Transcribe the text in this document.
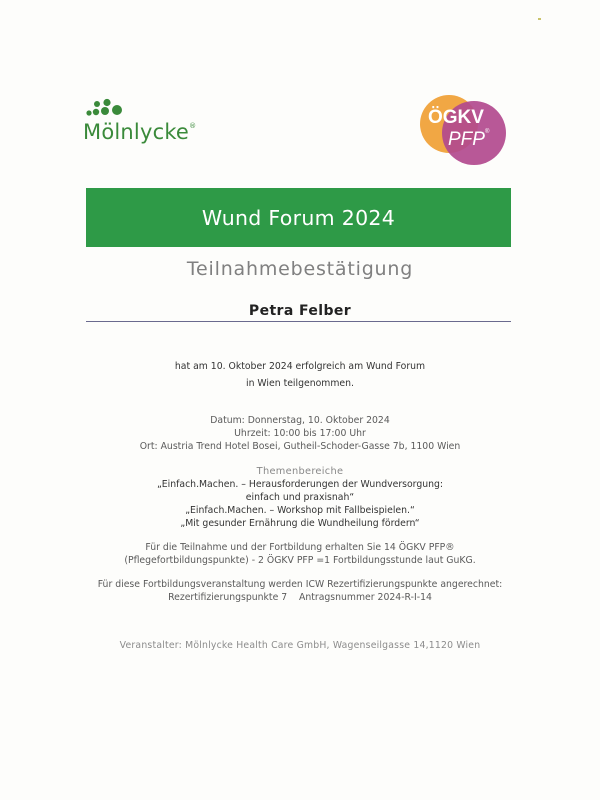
Mölnlycke®	ÖGKV
PFP®
Wund Forum 2024
Teilnahmebestätigung
Petra Felber
hat am 10. Oktober 2024 erfolgreich am Wund Forum
in Wien teilgenommen.
Datum: Donnerstag, 10. Oktober 2024
Uhrzeit: 10:00 bis 17:00 Uhr
Ort: Austria Trend Hotel Bosei, Gutheil-Schoder-Gasse 7b, 1100 Wien
Themenbereiche
„Einfach.Machen. – Herausforderungen der Wundversorgung:
einfach und praxisnah“
„Einfach.Machen. – Workshop mit Fallbeispielen.“
„Mit gesunder Ernährung die Wundheilung fördern“
Für die Teilnahme und der Fortbildung erhalten Sie 14 ÖGKV PFP®
(Pflegefortbildungspunkte) - 2 ÖGKV PFP =1 Fortbildungsstunde laut GuKG.
Für diese Fortbildungsveranstaltung werden ICW Rezertifizierungspunkte angerechnet:
Rezertifizierungspunkte 7    Antragsnummer 2024-R-I-14
Veranstalter: Mölnlycke Health Care GmbH, Wagenseilgasse 14,1120 Wien
